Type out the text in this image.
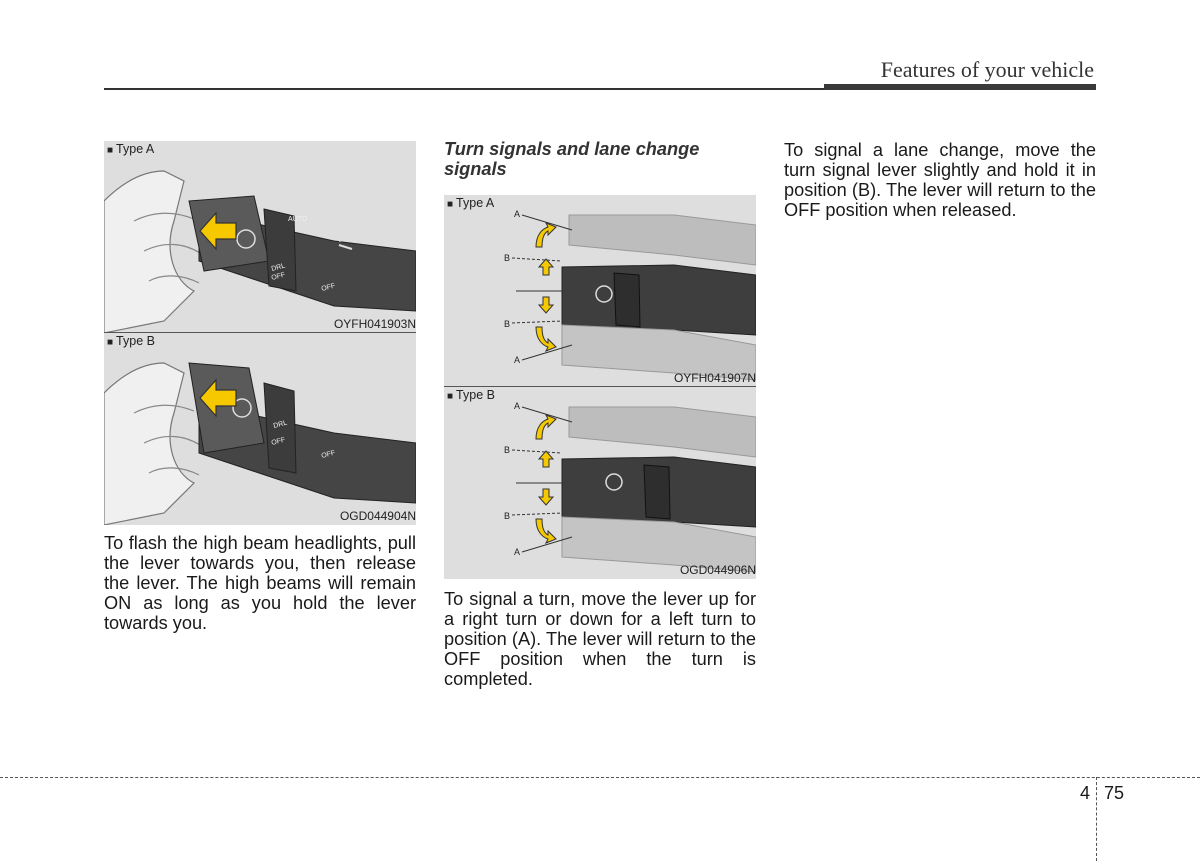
Features of your vehicle
AUTO
DRL
OFF
OFF
■ Type A
OYFH041903N
DRL
OFF
OFF
■ Type B
OGD044904N
To flash the high beam headlights, pull the lever towards you, then release the lever. The high beams will remain ON as long as you hold the lever towards you.
Turn signals and lane change signals
A
B
B
A
■ Type A
OYFH041907N
A
B
B
A
■ Type B
OGD044906N
To signal a turn, move the lever up for a right turn or down for a left turn to position (A). The lever will return to the OFF position when the turn is completed.
To signal a lane change, move the turn signal lever slightly and hold it in position (B). The lever will return to the OFF position when released.
4 75
